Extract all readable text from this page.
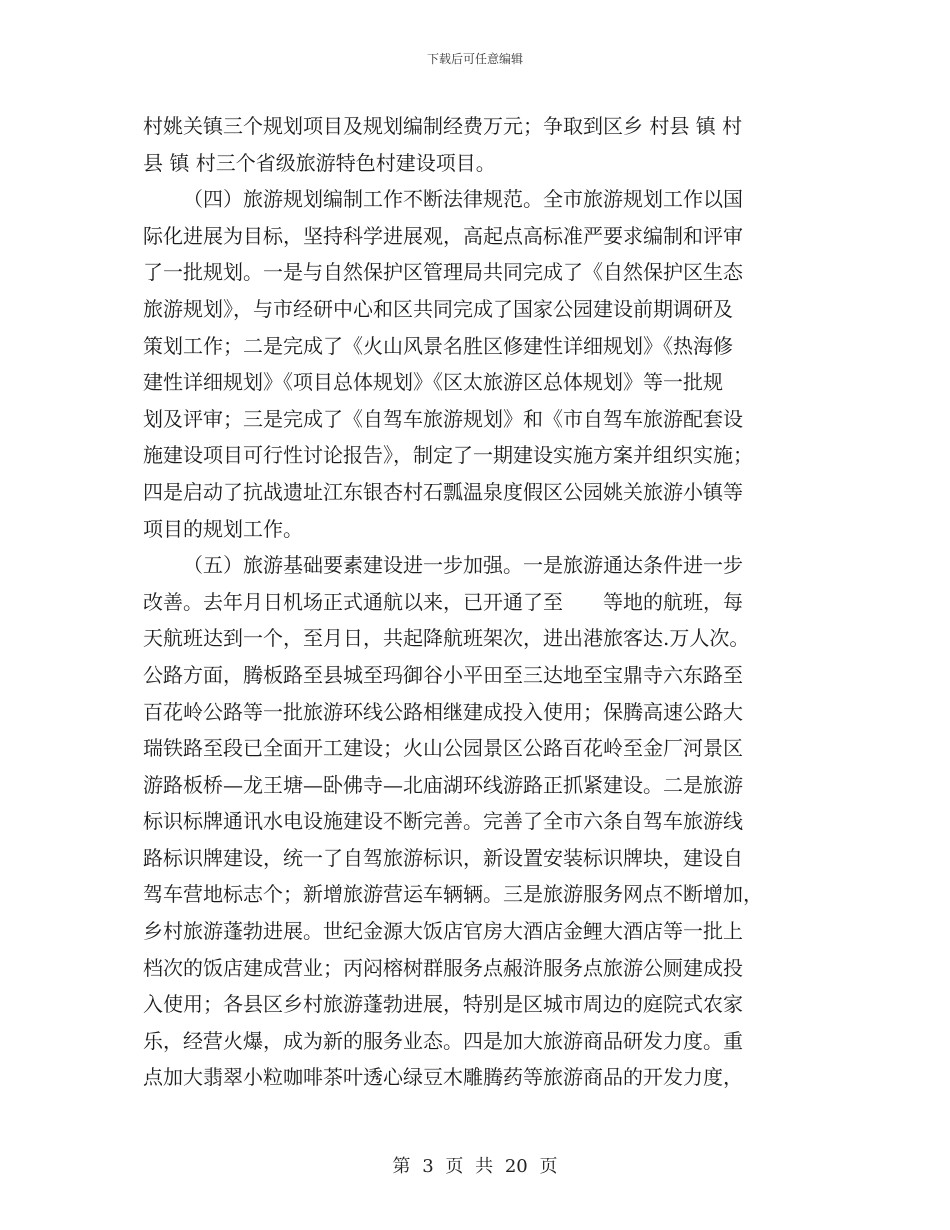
下载后可任意编辑
村姚关镇三个规划项目及规划编制经费万元；争取到区乡 村县 镇 村
县 镇 村三个省级旅游特色村建设项目。
（四）旅游规划编制工作不断法律规范。全市旅游规划工作以国
际化进展为目标，坚持科学进展观，高起点高标准严要求编制和评审
了一批规划。一是与自然保护区管理局共同完成了《自然保护区生态
旅游规划》，与市经研中心和区共同完成了国家公园建设前期调研及
策划工作；二是完成了《火山风景名胜区修建性详细规划》《热海修
建性详细规划》《项目总体规划》《区太旅游区总体规划》等一批规
划及评审；三是完成了《自驾车旅游规划》和《市自驾车旅游配套设
施建设项目可行性讨论报告》，制定了一期建设实施方案并组织实施；
四是启动了抗战遗址江东银杏村石瓢温泉度假区公园姚关旅游小镇等
项目的规划工作。
（五）旅游基础要素建设进一步加强。一是旅游通达条件进一步
改善。去年月日机场正式通航以来，已开通了至　　等地的航班，每
天航班达到一个，至月日，共起降航班架次，进出港旅客达.万人次。
公路方面，腾板路至县城至玛御谷小平田至三达地至宝鼎寺六东路至
百花岭公路等一批旅游环线公路相继建成投入使用；保腾高速公路大
瑞铁路至段已全面开工建设；火山公园景区公路百花岭至金厂河景区
游路板桥—龙王塘—卧佛寺—北庙湖环线游路正抓紧建设。二是旅游
标识标牌通讯水电设施建设不断完善。完善了全市六条自驾车旅游线
路标识牌建设，统一了自驾旅游标识，新设置安装标识牌块，建设自
驾车营地标志个；新增旅游营运车辆辆。三是旅游服务网点不断增加，
乡村旅游蓬勃进展。世纪金源大饭店官房大酒店金鲤大酒店等一批上
档次的饭店建成营业；丙闷榕树群服务点赧浒服务点旅游公厕建成投
入使用；各县区乡村旅游蓬勃进展，特别是区城市周边的庭院式农家
乐，经营火爆，成为新的服务业态。四是加大旅游商品研发力度。重
点加大翡翠小粒咖啡茶叶透心绿豆木雕腾药等旅游商品的开发力度，
第 3 页 共 20 页
